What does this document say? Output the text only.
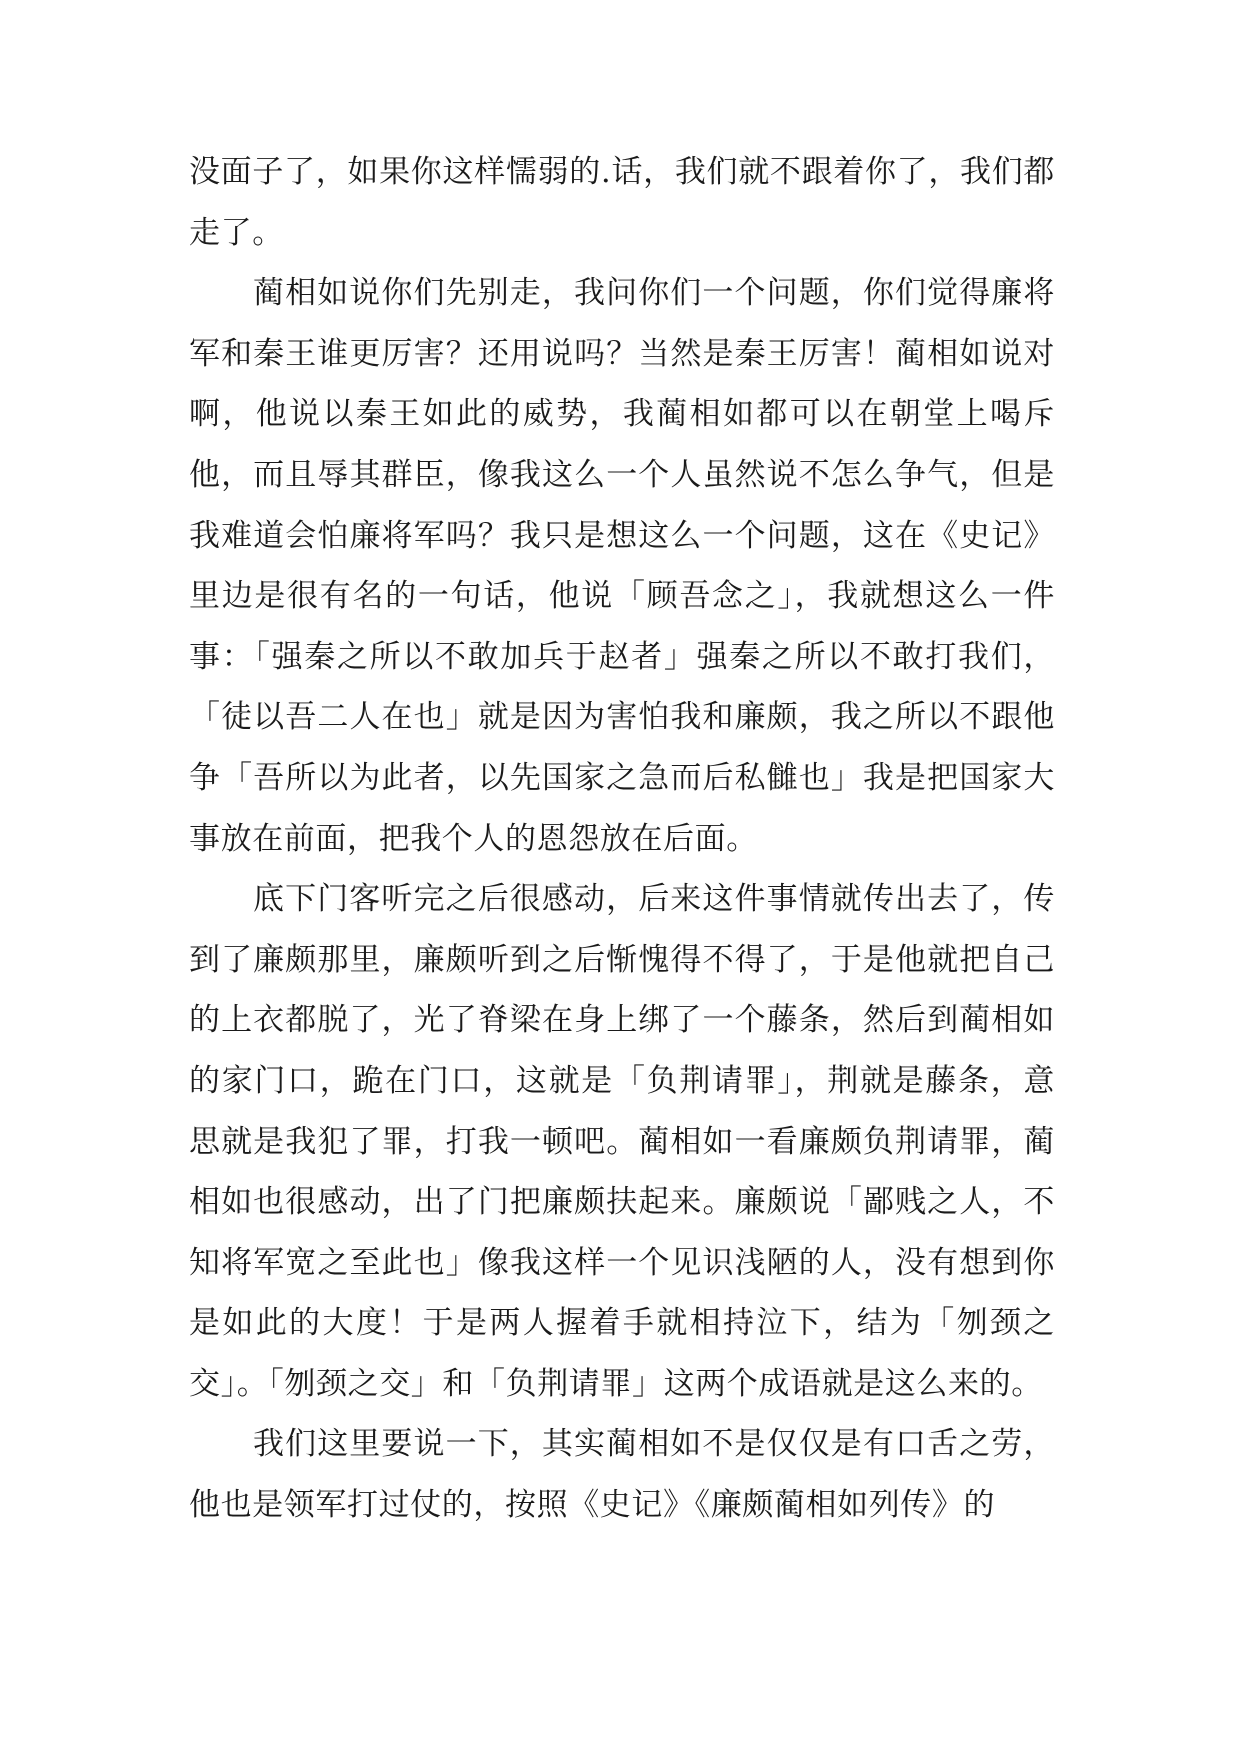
没面子了，如果你这样懦弱的.话，我们就不跟着你了，我们都走了。

蔺相如说你们先别走，我问你们一个问题，你们觉得廉将军和秦王谁更厉害？还用说吗？当然是秦王厉害！蔺相如说对啊，他说以秦王如此的威势，我蔺相如都可以在朝堂上喝斥他，而且辱其群臣，像我这么一个人虽然说不怎么争气，但是我难道会怕廉将军吗？我只是想这么一个问题，这在《史记》里边是很有名的一句话，他说「顾吾念之」，我就想这么一件事：「强秦之所以不敢加兵于赵者」强秦之所以不敢打我们，「徒以吾二人在也」就是因为害怕我和廉颇，我之所以不跟他争「吾所以为此者，以先国家之急而后私雠也」我是把国家大事放在前面，把我个人的恩怨放在后面。

底下门客听完之后很感动，后来这件事情就传出去了，传到了廉颇那里，廉颇听到之后惭愧得不得了，于是他就把自己的上衣都脱了，光了脊梁在身上绑了一个藤条，然后到蔺相如的家门口，跪在门口，这就是「负荆请罪」，荆就是藤条，意思就是我犯了罪，打我一顿吧。蔺相如一看廉颇负荆请罪，蔺相如也很感动，出了门把廉颇扶起来。廉颇说「鄙贱之人，不知将军宽之至此也」像我这样一个见识浅陋的人，没有想到你是如此的大度！于是两人握着手就相持泣下，结为「刎颈之交」。「刎颈之交」和「负荆请罪」这两个成语就是这么来的。

我们这里要说一下，其实蔺相如不是仅仅是有口舌之劳，他也是领军打过仗的，按照《史记》《廉颇蔺相如列传》的
